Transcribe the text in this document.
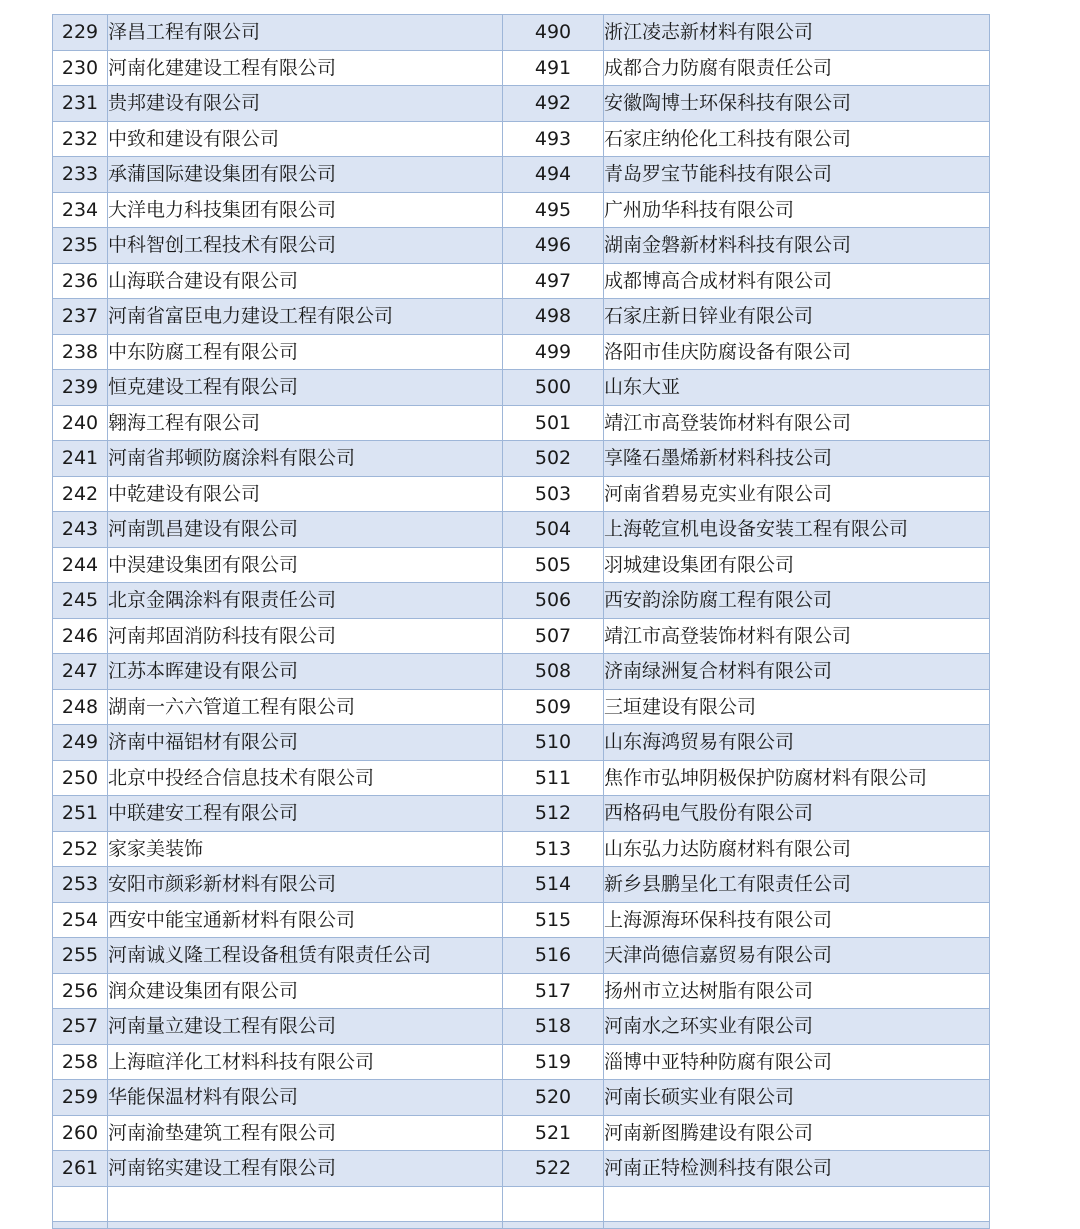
229	泽昌工程有限公司	490	浙江凌志新材料有限公司
230	河南化建建设工程有限公司	491	成都合力防腐有限责任公司
231	贵邦建设有限公司	492	安徽陶博士环保科技有限公司
232	中致和建设有限公司	493	石家庄纳伦化工科技有限公司
233	承蒲国际建设集团有限公司	494	青岛罗宝节能科技有限公司
234	大洋电力科技集团有限公司	495	广州劢华科技有限公司
235	中科智创工程技术有限公司	496	湖南金磐新材料科技有限公司
236	山海联合建设有限公司	497	成都博高合成材料有限公司
237	河南省富臣电力建设工程有限公司	498	石家庄新日锌业有限公司
238	中东防腐工程有限公司	499	洛阳市佳庆防腐设备有限公司
239	恒克建设工程有限公司	500	山东大亚
240	翱海工程有限公司	501	靖江市高登装饰材料有限公司
241	河南省邦顿防腐涂料有限公司	502	享隆石墨烯新材料科技公司
242	中乾建设有限公司	503	河南省碧易克实业有限公司
243	河南凯昌建设有限公司	504	上海乾宣机电设备安装工程有限公司
244	中淏建设集团有限公司	505	羽城建设集团有限公司
245	北京金隅涂料有限责任公司	506	西安韵涂防腐工程有限公司
246	河南邦固消防科技有限公司	507	靖江市高登装饰材料有限公司
247	江苏本晖建设有限公司	508	济南绿洲复合材料有限公司
248	湖南一六六管道工程有限公司	509	三垣建设有限公司
249	济南中福铝材有限公司	510	山东海鸿贸易有限公司
250	北京中投经合信息技术有限公司	511	焦作市弘坤阴极保护防腐材料有限公司
251	中联建安工程有限公司	512	西格码电气股份有限公司
252	家家美装饰	513	山东弘力达防腐材料有限公司
253	安阳市颜彩新材料有限公司	514	新乡县鹏呈化工有限责任公司
254	西安中能宝通新材料有限公司	515	上海源海环保科技有限公司
255	河南诚义隆工程设备租赁有限责任公司	516	天津尚德信嘉贸易有限公司
256	润众建设集团有限公司	517	扬州市立达树脂有限公司
257	河南量立建设工程有限公司	518	河南水之环实业有限公司
258	上海暄洋化工材料科技有限公司	519	淄博中亚特种防腐有限公司
259	华能保温材料有限公司	520	河南长硕实业有限公司
260	河南渝垫建筑工程有限公司	521	河南新图腾建设有限公司
261	河南铭实建设工程有限公司	522	河南正特检测科技有限公司
